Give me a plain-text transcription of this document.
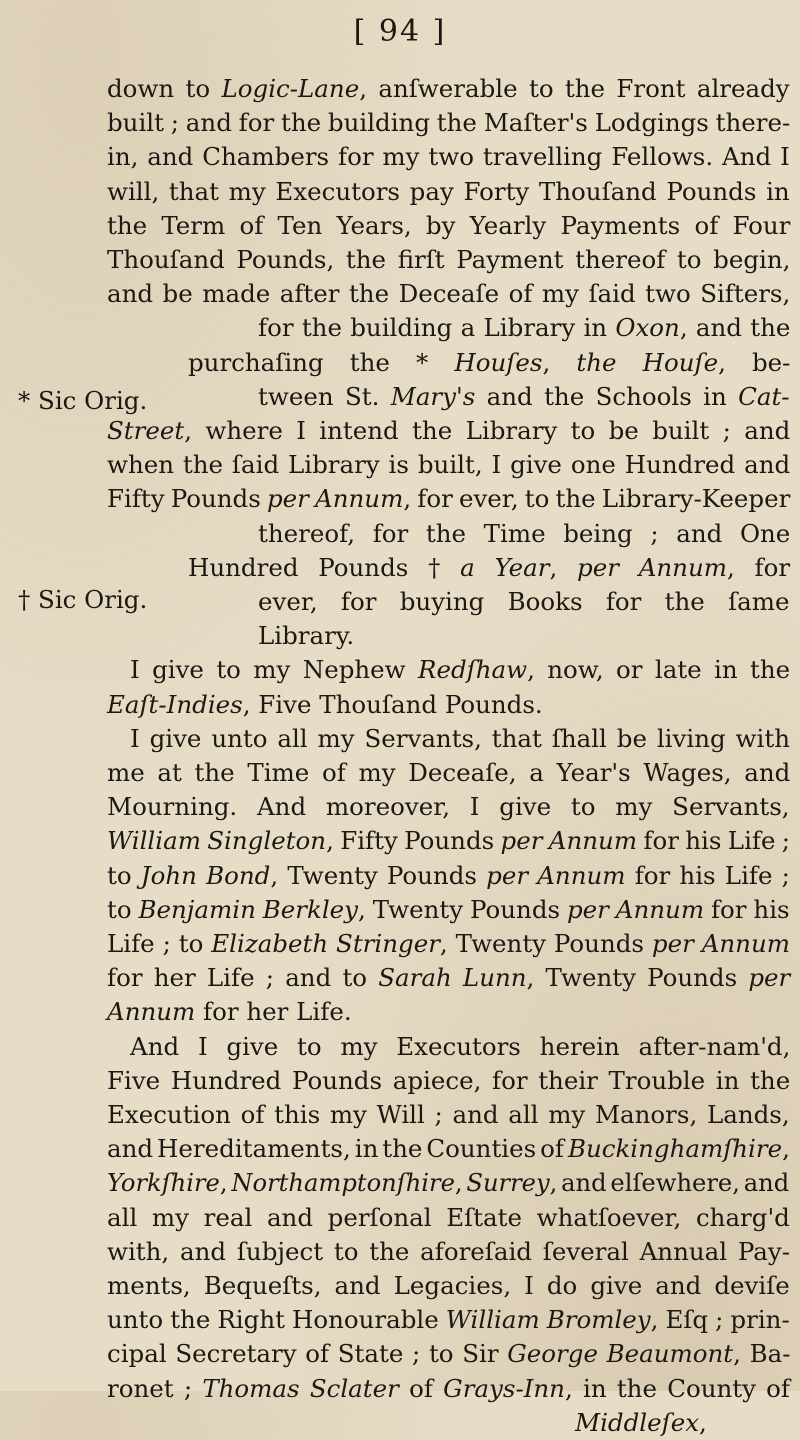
[ 94 ]
* Sic Orig.
† Sic Orig.
down to Logic-Lane, anſwerable to the Front already
built ; and for the building the Maſter's Lodgings there-
in, and Chambers for my two travelling Fellows. And I
will, that my Executors pay Forty Thouſand Pounds in
the Term of Ten Years, by Yearly Payments of Four
Thouſand Pounds, the firſt Payment thereof to begin,
and be made after the Deceaſe of my ſaid two Sifters,
for the building a Library in Oxon, and the
purchaſing the * Houſes, the Houſe, be-
tween St. Mary's and the Schools in Cat-
Street, where I intend the Library to be built ; and
when the ſaid Library is built, I give one Hundred and
Fifty Pounds per Annum, for ever, to the Library-Keeper
thereof, for the Time being ; and One
Hundred Pounds † a Year, per Annum, for
ever, for buying Books for the ſame
Library.
I give to my Nephew Redſhaw, now, or late in the
Eaſt-Indies, Five Thouſand Pounds.
I give unto all my Servants, that ſhall be living with
me at the Time of my Deceaſe, a Year's Wages, and
Mourning. And moreover, I give to my Servants,
William Singleton, Fifty Pounds per Annum for his Life ;
to John Bond, Twenty Pounds per Annum for his Life ;
to Benjamin Berkley, Twenty Pounds per Annum for his
Life ; to Elizabeth Stringer, Twenty Pounds per Annum
for her Life ; and to Sarah Lunn, Twenty Pounds per
Annum for her Life.
And I give to my Executors herein after-nam'd,
Five Hundred Pounds apiece, for their Trouble in the
Execution of this my Will ; and all my Manors, Lands,
and Hereditaments, in the Counties of Buckinghamſhire,
Yorkſhire, Northamptonſhire, Surrey, and elſewhere, and
all my real and perſonal Eſtate whatſoever, charg'd
with, and ſubject to the aforeſaid ſeveral Annual Pay-
ments, Bequeſts, and Legacies, I do give and deviſe
unto the Right Honourable William Bromley, Eſq ; prin-
cipal Secretary of State ; to Sir George Beaumont, Ba-
ronet ; Thomas Sclater of Grays-Inn, in the County of
Middleſex,
